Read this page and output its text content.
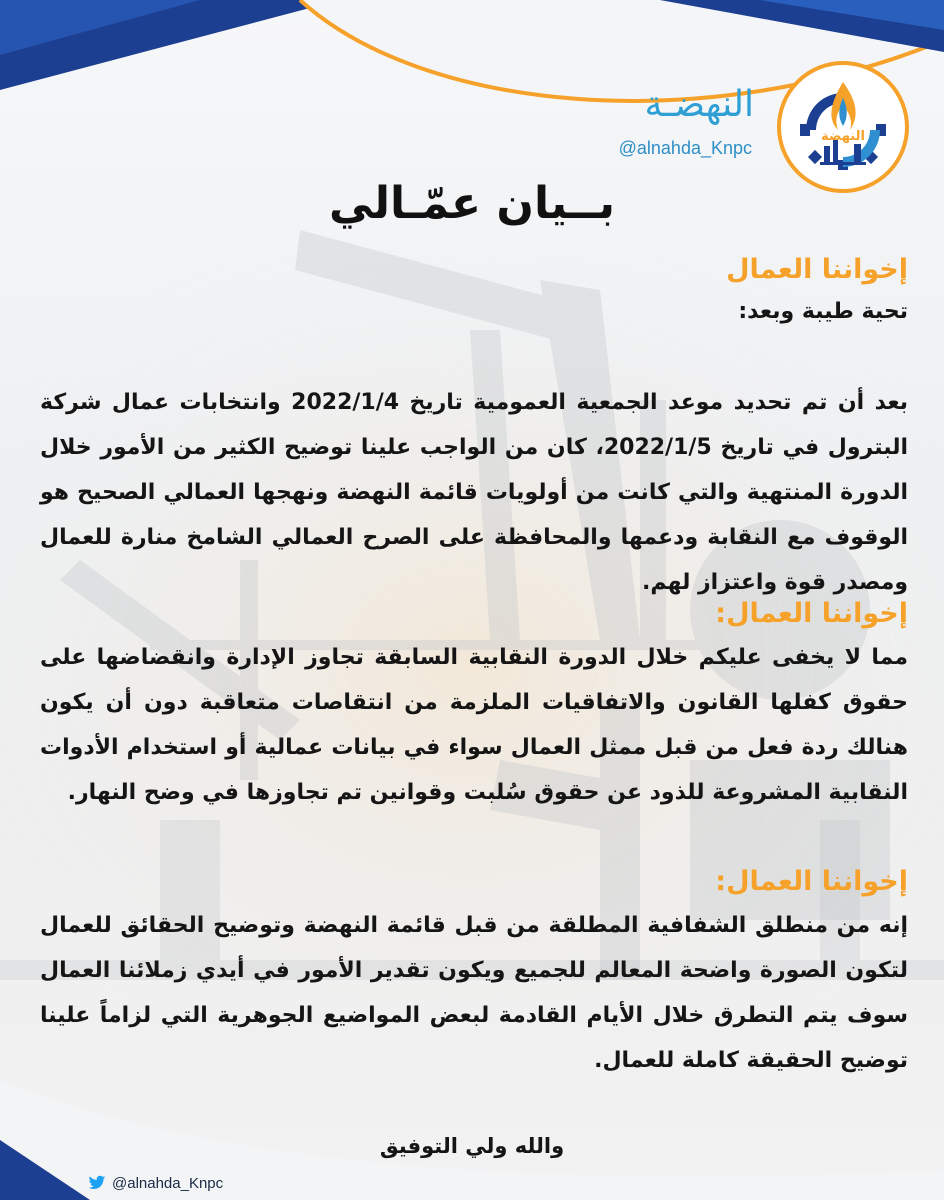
النهضة
النهضـة
@alnahda_Knpc
بــيان عمّـالي
إخواننا العمال
تحية طيبة وبعد:
بعد أن تم تحديد موعد الجمعية العمومية تاريخ 2022/1/4 وانتخابات عمال شركة البترول في تاريخ 2022/1/5، كان من الواجب علينا توضيح الكثير من الأمور خلال الدورة المنتهية والتي كانت من أولويات قائمة النهضة ونهجها العمالي الصحيح هو الوقوف مع النقابة ودعمها والمحافظة على الصرح العمالي الشامخ منارة للعمال ومصدر قوة واعتزاز لهم.
إخواننا العمال:
مما لا يخفى عليكم خلال الدورة النقابية السابقة تجاوز الإدارة وانقضاضها على حقوق كفلها القانون والاتفاقيات الملزمة من انتقاصات متعاقبة دون أن يكون هنالك ردة فعل من قبل ممثل العمال سواء في بيانات عمالية أو استخدام الأدوات النقابية المشروعة للذود عن حقوق سُلبت وقوانين تم تجاوزها في وضح النهار.
إخواننا العمال:
إنه من منطلق الشفافية المطلقة من قبل قائمة النهضة وتوضيح الحقائق للعمال لتكون الصورة واضحة المعالم للجميع ويكون تقدير الأمور في أيدي زملائنا العمال سوف يتم التطرق خلال الأيام القادمة لبعض المواضيع الجوهرية التي لزاماً علينا توضيح الحقيقة كاملة للعمال.
والله ولي التوفيق
@alnahda_Knpc
